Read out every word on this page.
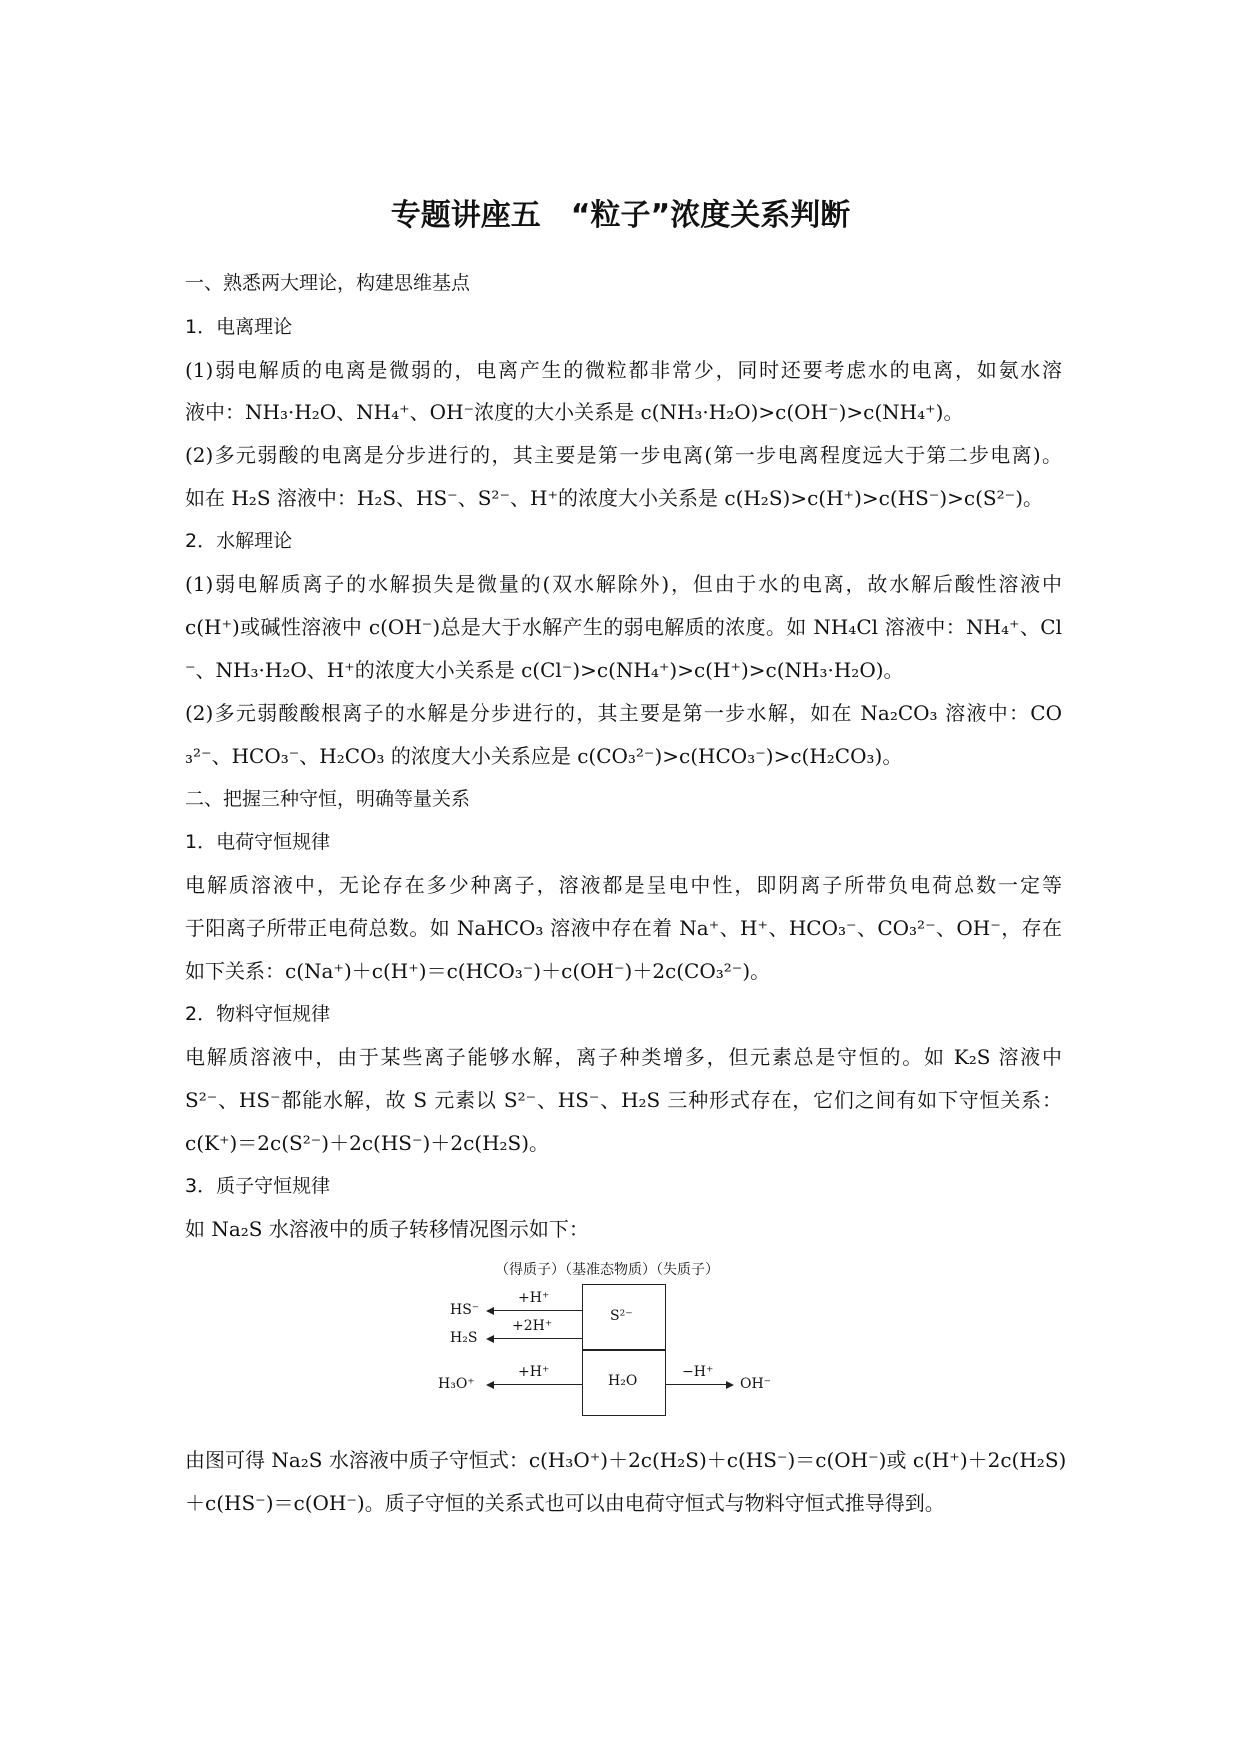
专题讲座五　“粒子”浓度关系判断
一、熟悉两大理论，构建思维基点
1．电离理论
(1)弱电解质的电离是微弱的，电离产生的微粒都非常少，同时还要考虑水的电离，如氨水溶
液中：NH₃·H₂O、NH₄⁺、OH⁻浓度的大小关系是 c(NH₃·H₂O)>c(OH⁻)>c(NH₄⁺)。
(2)多元弱酸的电离是分步进行的，其主要是第一步电离(第一步电离程度远大于第二步电离)。
如在 H₂S 溶液中：H₂S、HS⁻、S²⁻、H⁺的浓度大小关系是 c(H₂S)>c(H⁺)>c(HS⁻)>c(S²⁻)。
2．水解理论
(1)弱电解质离子的水解损失是微量的(双水解除外)，但由于水的电离，故水解后酸性溶液中
c(H⁺)或碱性溶液中 c(OH⁻)总是大于水解产生的弱电解质的浓度。如 NH₄Cl 溶液中：NH₄⁺、Cl
⁻、NH₃·H₂O、H⁺的浓度大小关系是 c(Cl⁻)>c(NH₄⁺)>c(H⁺)>c(NH₃·H₂O)。
(2)多元弱酸酸根离子的水解是分步进行的，其主要是第一步水解，如在 Na₂CO₃ 溶液中：CO
₃²⁻、HCO₃⁻、H₂CO₃ 的浓度大小关系应是 c(CO₃²⁻)>c(HCO₃⁻)>c(H₂CO₃)。
二、把握三种守恒，明确等量关系
1．电荷守恒规律
电解质溶液中，无论存在多少种离子，溶液都是呈电中性，即阴离子所带负电荷总数一定等
于阳离子所带正电荷总数。如 NaHCO₃ 溶液中存在着 Na⁺、H⁺、HCO₃⁻、CO₃²⁻、OH⁻，存在
如下关系：c(Na⁺)＋c(H⁺)＝c(HCO₃⁻)＋c(OH⁻)＋2c(CO₃²⁻)。
2．物料守恒规律
电解质溶液中，由于某些离子能够水解，离子种类增多，但元素总是守恒的。如 K₂S 溶液中
S²⁻、HS⁻都能水解，故 S 元素以 S²⁻、HS⁻、H₂S 三种形式存在，它们之间有如下守恒关系：
c(K⁺)＝2c(S²⁻)＋2c(HS⁻)＋2c(H₂S)。
3．质子守恒规律
如 Na₂S 水溶液中的质子转移情况图示如下：
（得质子）（基准态物质）（失质子）
S²⁻
H₂O
HS⁻
H₂S
H₃O⁺
+H⁺
+2H⁺
+H⁺	−H⁺
OH⁻
由图可得 Na₂S 水溶液中质子守恒式：c(H₃O⁺)＋2c(H₂S)＋c(HS⁻)＝c(OH⁻)或 c(H⁺)＋2c(H₂S)
＋c(HS⁻)＝c(OH⁻)。质子守恒的关系式也可以由电荷守恒式与物料守恒式推导得到。
